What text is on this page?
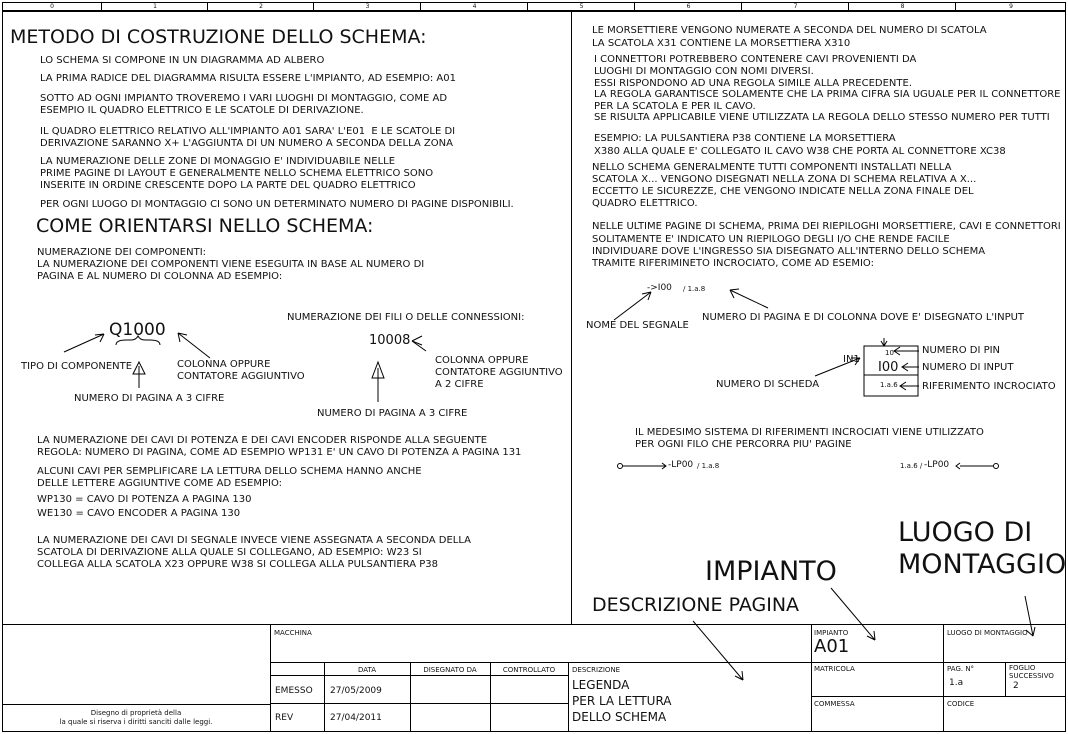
0	1	2	3	4	5	6	7	8	9
METODO DI COSTRUZIONE DELLO SCHEMA:
LO SCHEMA SI COMPONE IN UN DIAGRAMMA AD ALBERO
LA PRIMA RADICE DEL DIAGRAMMA RISULTA ESSERE L'IMPIANTO, AD ESEMPIO: A01
SOTTO AD OGNI IMPIANTO TROVEREMO I VARI LUOGHI DI MONTAGGIO, COME AD
ESEMPIO IL QUADRO ELETTRICO E LE SCATOLE DI DERIVAZIONE.
IL QUADRO ELETTRICO RELATIVO ALL'IMPIANTO A01 SARA' L'E01  E LE SCATOLE DI
DERIVAZIONE SARANNO X+ L'AGGIUNTA DI UN NUMERO A SECONDA DELLA ZONA
LA NUMERAZIONE DELLE ZONE DI MONAGGIO E' INDIVIDUABILE NELLE
PRIME PAGINE DI LAYOUT E GENERALMENTE NELLO SCHEMA ELETTRICO SONO
INSERITE IN ORDINE CRESCENTE DOPO LA PARTE DEL QUADRO ELETTRICO
PER OGNI LUOGO DI MONTAGGIO CI SONO UN DETERMINATO NUMERO DI PAGINE DISPONIBILI.
COME ORIENTARSI NELLO SCHEMA:
NUMERAZIONE DEI COMPONENTI:
LA NUMERAZIONE DEI COMPONENTI VIENE ESEGUITA IN BASE AL NUMERO DI
PAGINA E AL NUMERO DI COLONNA AD ESEMPIO:
Q1000
TIPO DI COMPONENTE	COLONNA OPPURE
CONTATORE AGGIUNTIVO
NUMERO DI PAGINA A 3 CIFRE
NUMERAZIONE DEI FILI O DELLE CONNESSIONI:
10008
COLONNA OPPURE
CONTATORE AGGIUNTIVO
A 2 CIFRE
NUMERO DI PAGINA A 3 CIFRE
LA NUMERAZIONE DEI CAVI DI POTENZA E DEI CAVI ENCODER RISPONDE ALLA SEGUENTE
REGOLA: NUMERO DI PAGINA, COME AD ESEMPIO WP131 E' UN CAVO DI POTENZA A PAGINA 131
ALCUNI CAVI PER SEMPLIFICARE LA LETTURA DELLO SCHEMA HANNO ANCHE
DELLE LETTERE AGGIUNTIVE COME AD ESEMPIO:
WP130 = CAVO DI POTENZA A PAGINA 130
WE130 = CAVO ENCODER A PAGINA 130
LA NUMERAZIONE DEI CAVI DI SEGNALE INVECE VIENE ASSEGNATA A SECONDA DELLA
SCATOLA DI DERIVAZIONE ALLA QUALE SI COLLEGANO, AD ESEMPIO: W23 SI
COLLEGA ALLA SCATOLA X23 OPPURE W38 SI COLLEGA ALLA PULSANTIERA P38
LE MORSETTIERE VENGONO NUMERATE A SECONDA DEL NUMERO DI SCATOLA
LA SCATOLA X31 CONTIENE LA MORSETTIERA X310
I CONNETTORI POTREBBERO CONTENERE CAVI PROVENIENTI DA
LUOGHI DI MONTAGGIO CON NOMI DIVERSI.
ESSI RISPONDONO AD UNA REGOLA SIMILE ALLA PRECEDENTE.
LA REGOLA GARANTISCE SOLAMENTE CHE LA PRIMA CIFRA SIA UGUALE PER IL CONNETTORE
PER LA SCATOLA E PER IL CAVO.
SE RISULTA APPLICABILE VIENE UTILIZZATA LA REGOLA DELLO STESSO NUMERO PER TUTTI
ESEMPIO: LA PULSANTIERA P38 CONTIENE LA MORSETTIERA
X380 ALLA QUALE E' COLLEGATO IL CAVO W38 CHE PORTA AL CONNETTORE XC38
NELLO SCHEMA GENERALMENTE TUTTI COMPONENTI INSTALLATI NELLA
SCATOLA X... VENGONO DISEGNATI NELLA ZONA DI SCHEMA RELATIVA A X...
ECCETTO LE SICUREZZE, CHE VENGONO INDICATE NELLA ZONA FINALE DEL
QUADRO ELETTRICO.
NELLE ULTIME PAGINE DI SCHEMA, PRIMA DEI RIEPILOGHI MORSETTIERE, CAVI E CONNETTORI
SOLITAMENTE E' INDICATO UN RIEPILOGO DEGLI I/O CHE RENDE FACILE
INDIVIDUARE DOVE L'INGRESSO SIA DISEGNATO ALL'INTERNO DELLO SCHEMA
TRAMITE RIFERIMINETO INCROCIATO, COME AD ESEMIO:
->I00 / 1.a.8
NOME DEL SEGNALE
NUMERO DI PAGINA E DI COLONNA DOVE E' DISEGNATO L'INPUT
IN1
10
I00
1.a.6
NUMERO DI PIN
NUMERO DI INPUT
NUMERO DI SCHEDA	RIFERIMENTO INCROCIATO
IL MEDESIMO SISTEMA DI RIFERIMENTI INCROCIATI VIENE UTILIZZATO
PER OGNI FILO CHE PERCORRA PIU' PAGINE
-LP00 / 1.a.8	1.a.6 / -LP00
LUOGO DI
MONTAGGIO
IMPIANTO
DESCRIZIONE PAGINA
Disegno di proprietà della
la quale si riserva i diritti sanciti dalle leggi.
MACCHINA
DATA	DISEGNATO DA	CONTROLLATO
EMESSO 27/05/2009
REV	27/04/2011
DESCRIZIONE
LEGENDA
PER LA LETTURA
DELLO SCHEMA
IMPIANTO
A01
MATRICOLA
COMMESSA
LUOGO DI MONTAGGIO
PAG. N°
1.a
FOGLIO
SUCCESSIVO
2
CODICE
